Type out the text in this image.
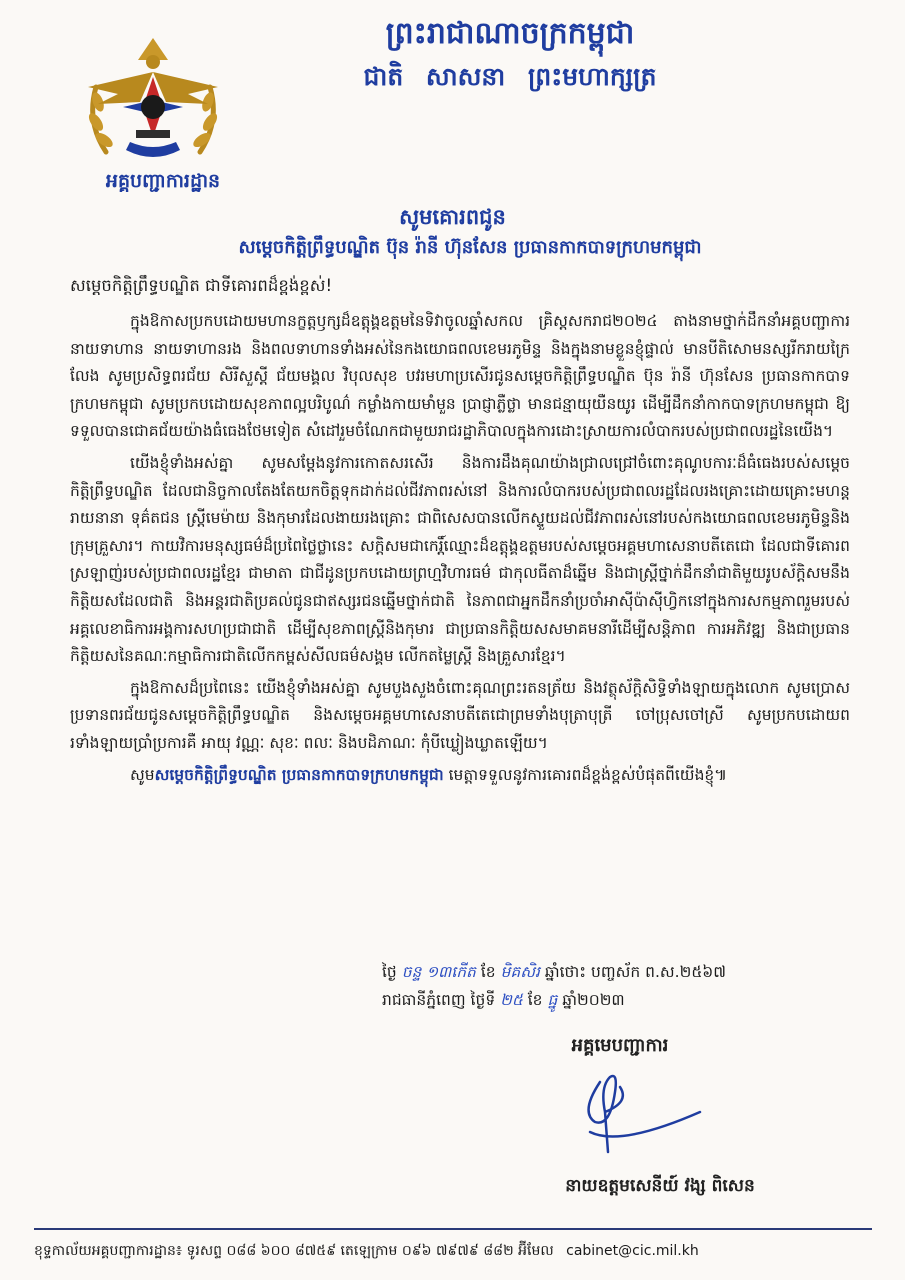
ព្រះរាជាណាចក្រកម្ពុជា
ជាតិ សាសនា ព្រះមហាក្សត្រ
អគ្គបញ្ជាការដ្ឋាន
សូមគោរពជូន
សម្ដេចកិត្តិព្រឹទ្ធបណ្ឌិត ប៊ុន រ៉ានី ហ៊ុនសែន ប្រធានកាកបាទក្រហមកម្ពុជា
សម្ដេចកិត្តិព្រឹទ្ធបណ្ឌិត ជាទីគោរពដ៏ខ្ពង់ខ្ពស់!

ក្នុងឱកាសប្រកបដោយមហានក្ខត្តឫក្សដ៏ឧត្ដុង្គឧត្ដមនៃទិវាចូលឆ្នាំសកល គ្រិស្តសករាជ២០២៤ តាងនាមថ្នាក់ដឹកនាំអគ្គបញ្ជាការ នាយទាហាន នាយទាហានរង និងពលទាហានទាំងអស់នៃកងយោធពលខេមរភូមិន្ទ និងក្នុងនាមខ្លួនខ្ញុំផ្ទាល់ មានបីតិសោមនស្សរីករាយក្រៃលែង សូមប្រសិទ្ធពរជ័យ សិរីសួស្តី ជ័យមង្គល វិបុលសុខ បវរមហាប្រសើរជូនសម្ដេចកិត្តិព្រឹទ្ធបណ្ឌិត ប៊ុន រ៉ានី ហ៊ុនសែន ប្រធានកាកបាទក្រហមកម្ពុជា សូមប្រកបដោយសុខភាពល្អបរិបូណ៌ កម្លាំងកាយមាំមួន ប្រាជ្ញាភ្លឺថ្លា មានជន្មាយុយឺនយូរ ដើម្បីដឹកនាំកាកបាទក្រហមកម្ពុជា ឱ្យទទួលបានជោគជ័យយ៉ាងធំធេងថែមទៀត សំដៅរួមចំណែកជាមួយរាជរដ្ឋាភិបាលក្នុងការដោះស្រាយការលំបាករបស់ប្រជាពលរដ្ឋនៃយើង។

យើងខ្ញុំទាំងអស់គ្នា សូមសម្ដែងនូវការកោតសរសើរ និងការដឹងគុណយ៉ាងជ្រាលជ្រៅចំពោះគុណូបការៈដ៏ធំធេងរបស់សម្ដេចកិត្តិព្រឹទ្ធបណ្ឌិត ដែលជានិច្ចកាលតែងតែយកចិត្តទុកដាក់ដល់ជីវភាពរស់នៅ និងការលំបាករបស់ប្រជាពលរដ្ឋដែលរងគ្រោះដោយគ្រោះមហន្តរាយនានា ទុគ៌តជន ស្ត្រីមេម៉ាយ និងកុមារដែលងាយរងគ្រោះ ជាពិសេសបានលើកស្ទួយដល់ជីវភាពរស់នៅរបស់កងយោធពលខេមរភូមិន្ទនិងក្រុមគ្រួសារ។ កាយវិការមនុស្សធម៌ដ៏ប្រពៃថ្លៃថ្លានេះ សក្ដិសមជាកេរ្តិ៍ឈ្មោះដ៏ឧត្ដុង្គឧត្ដមរបស់សម្ដេចអគ្គមហាសេនាបតីតេជោ ដែលជាទីគោរពស្រឡាញ់របស់ប្រជាពលរដ្ឋខ្មែរ ជាមាតា ជាជីដូនប្រកបដោយព្រហ្មវិហារធម៌ ជាកុលធីតាដ៏ឆ្នើម និងជាស្ត្រីថ្នាក់ដឹកនាំជាតិមួយរូបស័ក្ដិសមនឹងកិត្តិយសដែលជាតិ និងអន្តរជាតិប្រគល់ជូនជាឥស្សរជនឆ្នើមថ្នាក់ជាតិ នៃភាពជាអ្នកដឹកនាំប្រចាំអាស៊ីប៉ាស៊ីហ្វិកនៅក្នុងការសកម្មភាពរួមរបស់អគ្គលេខាធិការអង្គការសហប្រជាជាតិ ដើម្បីសុខភាពស្ត្រីនិងកុមារ ជាប្រធានកិត្តិយសសមាគមនារីដើម្បីសន្តិភាព ការអភិវឌ្ឍ និងជាប្រធានកិត្តិយសនៃគណៈកម្មាធិការជាតិលើកកម្ពស់សីលធម៌សង្គម លើកតម្លៃស្ត្រី និងគ្រួសារខ្មែរ។

ក្នុងឱកាសដ៏ប្រពៃនេះ យើងខ្ញុំទាំងអស់គ្នា សូមបួងសួងចំពោះគុណព្រះរតនត្រ័យ និងវត្ថុស័ក្តិសិទ្ធិទាំងឡាយក្នុងលោក សូមប្រោសប្រទានពរជ័យជូនសម្ដេចកិត្តិព្រឹទ្ធបណ្ឌិត និងសម្ដេចអគ្គមហាសេនាបតីតេជោព្រមទាំងបុត្រាបុត្រី ចៅប្រុសចៅស្រី សូមប្រកបដោយពរទាំងឡាយប្រាំប្រការគឺ អាយុ វណ្ណៈ សុខៈ ពលៈ និងបដិភាណៈ កុំបីឃ្លៀងឃ្លាតឡើយ។

សូមសម្ដេចកិត្តិព្រឹទ្ធបណ្ឌិត ប្រធានកាកបាទក្រហមកម្ពុជា មេត្តាទទួលនូវការគោរពដ៏ខ្ពង់ខ្ពស់បំផុតពីយើងខ្ញុំ៕

ថ្ងៃ ចន្ទ ១៣កើត ខែ មិគសិរ ឆ្នាំថោះ បញ្ចស័ក ព.ស.២៥៦៧
រាជធានីភ្នំពេញ ថ្ងៃទី ២៥ ខែ ធ្នូ ឆ្នាំ២០២៣
អគ្គមេបញ្ជាការ
នាយឧត្តមសេនីយ៍ វង្ស ពិសេន
ខុទ្ទកាល័យអគ្គបញ្ជាការដ្ឋាន៖ ទូរសព្ទ ០៨៨ ៦០០ ៨៧៥៩ តេឡេក្រាម ០៩៦ ៧៩៧៩ ៨៨២ អ៊ីមែល cabinet@cic.mil.kh
